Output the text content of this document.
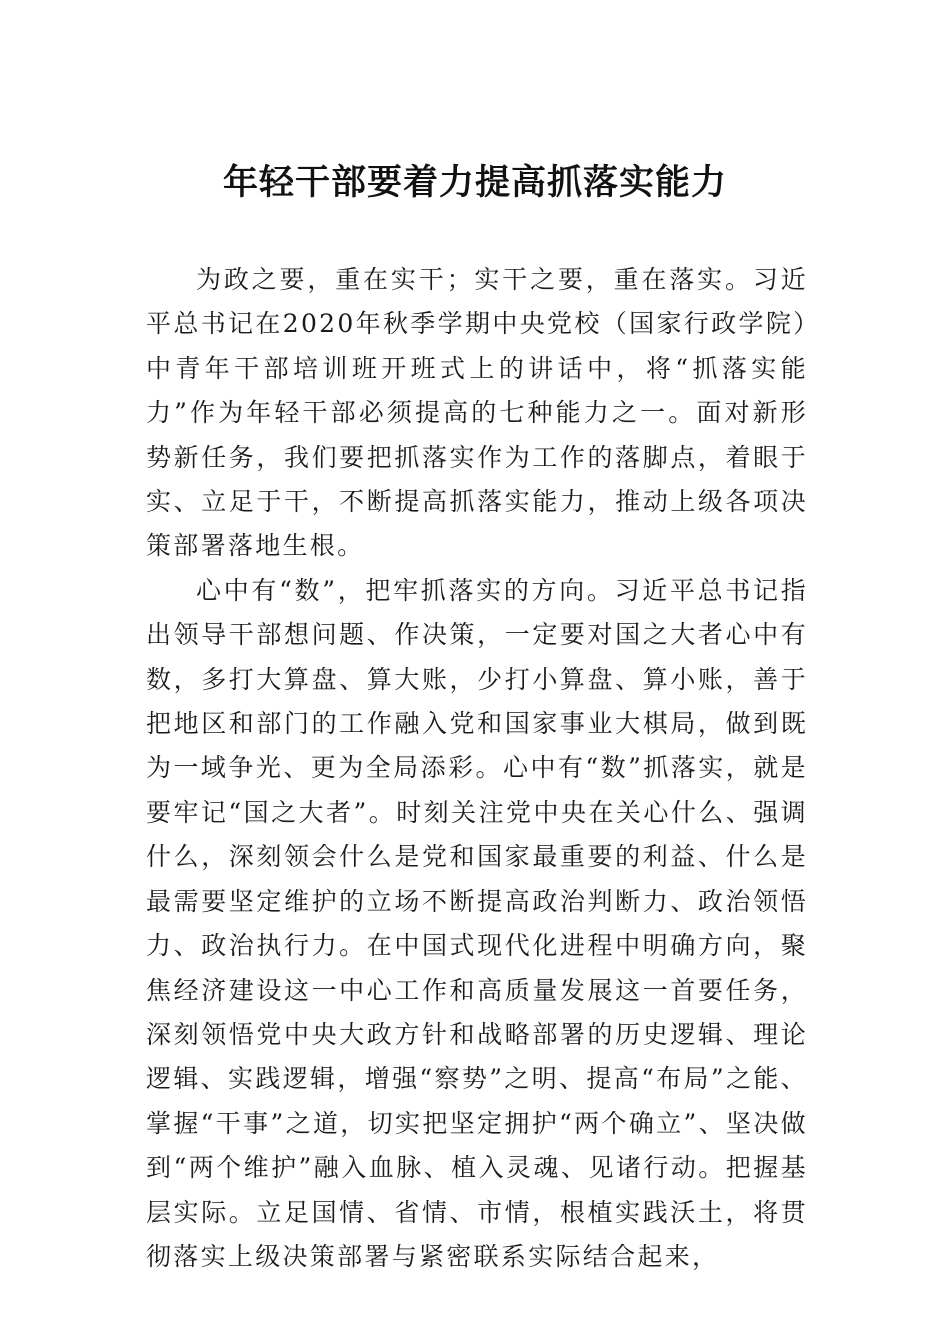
年轻干部要着力提高抓落实能力

为政之要，重在实干；实干之要，重在落实。习近平总书记在2020年秋季学期中央党校（国家行政学院）中青年干部培训班开班式上的讲话中，将“抓落实能力”作为年轻干部必须提高的七种能力之一。面对新形势新任务，我们要把抓落实作为工作的落脚点，着眼于实、立足于干，不断提高抓落实能力，推动上级各项决策部署落地生根。

心中有“数”，把牢抓落实的方向。习近平总书记指出领导干部想问题、作决策，一定要对国之大者心中有数，多打大算盘、算大账，少打小算盘、算小账，善于把地区和部门的工作融入党和国家事业大棋局，做到既为一域争光、更为全局添彩。心中有“数”抓落实，就是要牢记“国之大者”。时刻关注党中央在关心什么、强调什么，深刻领会什么是党和国家最重要的利益、什么是最需要坚定维护的立场不断提高政治判断力、政治领悟力、政治执行力。在中国式现代化进程中明确方向，聚焦经济建设这一中心工作和高质量发展这一首要任务，深刻领悟党中央大政方针和战略部署的历史逻辑、理论逻辑、实践逻辑，增强“察势”之明、提高“布局”之能、掌握“干事”之道，切实把坚定拥护“两个确立”、坚决做到“两个维护”融入血脉、植入灵魂、见诸行动。把握基层实际。立足国情、省情、市情，根植实践沃土，将贯彻落实上级决策部署与紧密联系实际结合起来，
